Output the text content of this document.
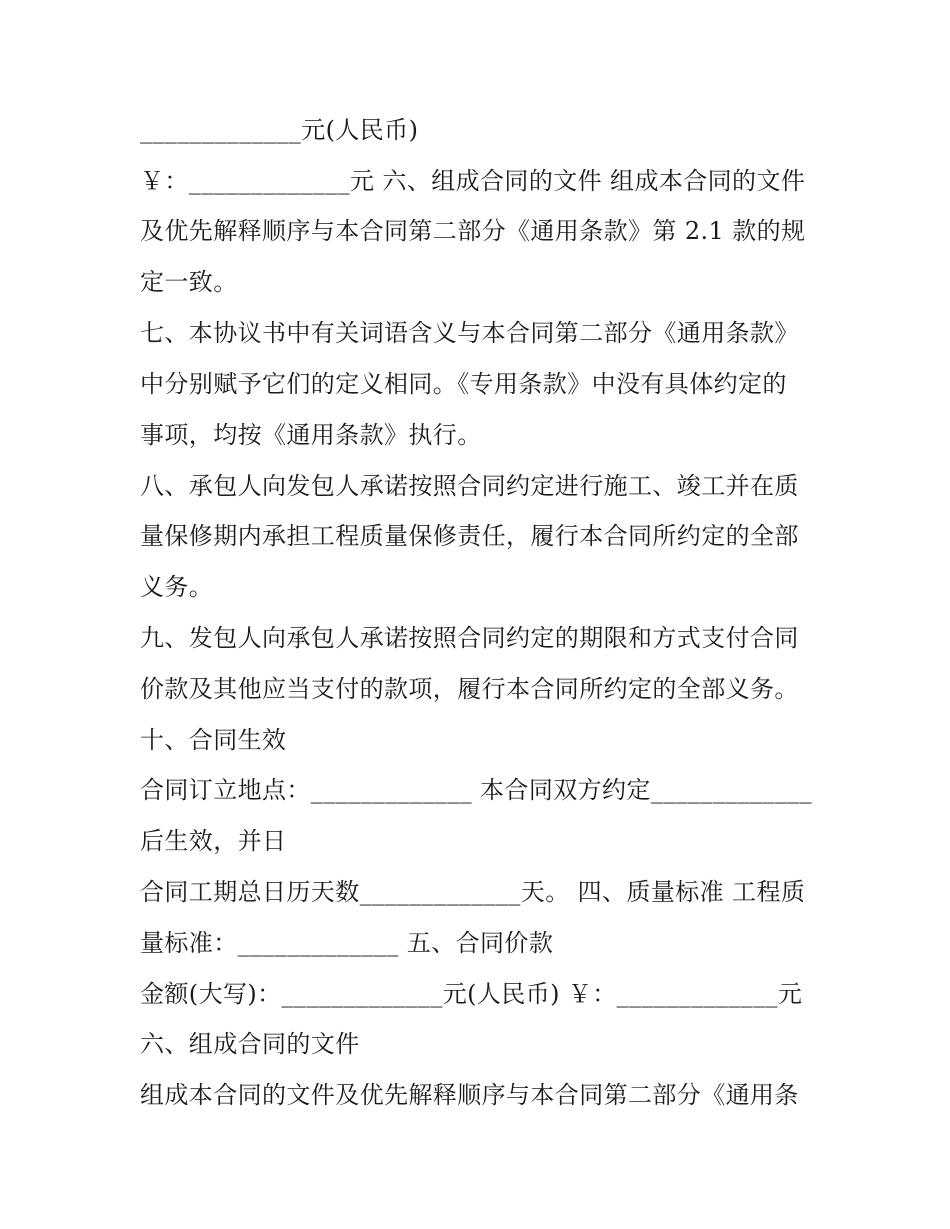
_____________元(人民币)
￥：_____________元 六、组成合同的文件 组成本合同的文件
及优先解释顺序与本合同第二部分《通用条款》第 2.1 款的规
定一致。
七、本协议书中有关词语含义与本合同第二部分《通用条款》
中分别赋予它们的定义相同。《专用条款》中没有具体约定的
事项，均按《通用条款》执行。
八、承包人向发包人承诺按照合同约定进行施工、竣工并在质
量保修期内承担工程质量保修责任，履行本合同所约定的全部
义务。
九、发包人向承包人承诺按照合同约定的期限和方式支付合同
价款及其他应当支付的款项，履行本合同所约定的全部义务。
十、合同生效
合同订立地点：_____________ 本合同双方约定_____________
后生效，并日
合同工期总日历天数_____________天。 四、质量标准 工程质
量标准：_____________ 五、合同价款
金额(大写)：_____________元(人民币) ￥：_____________元
六、组成合同的文件
组成本合同的文件及优先解释顺序与本合同第二部分《通用条
